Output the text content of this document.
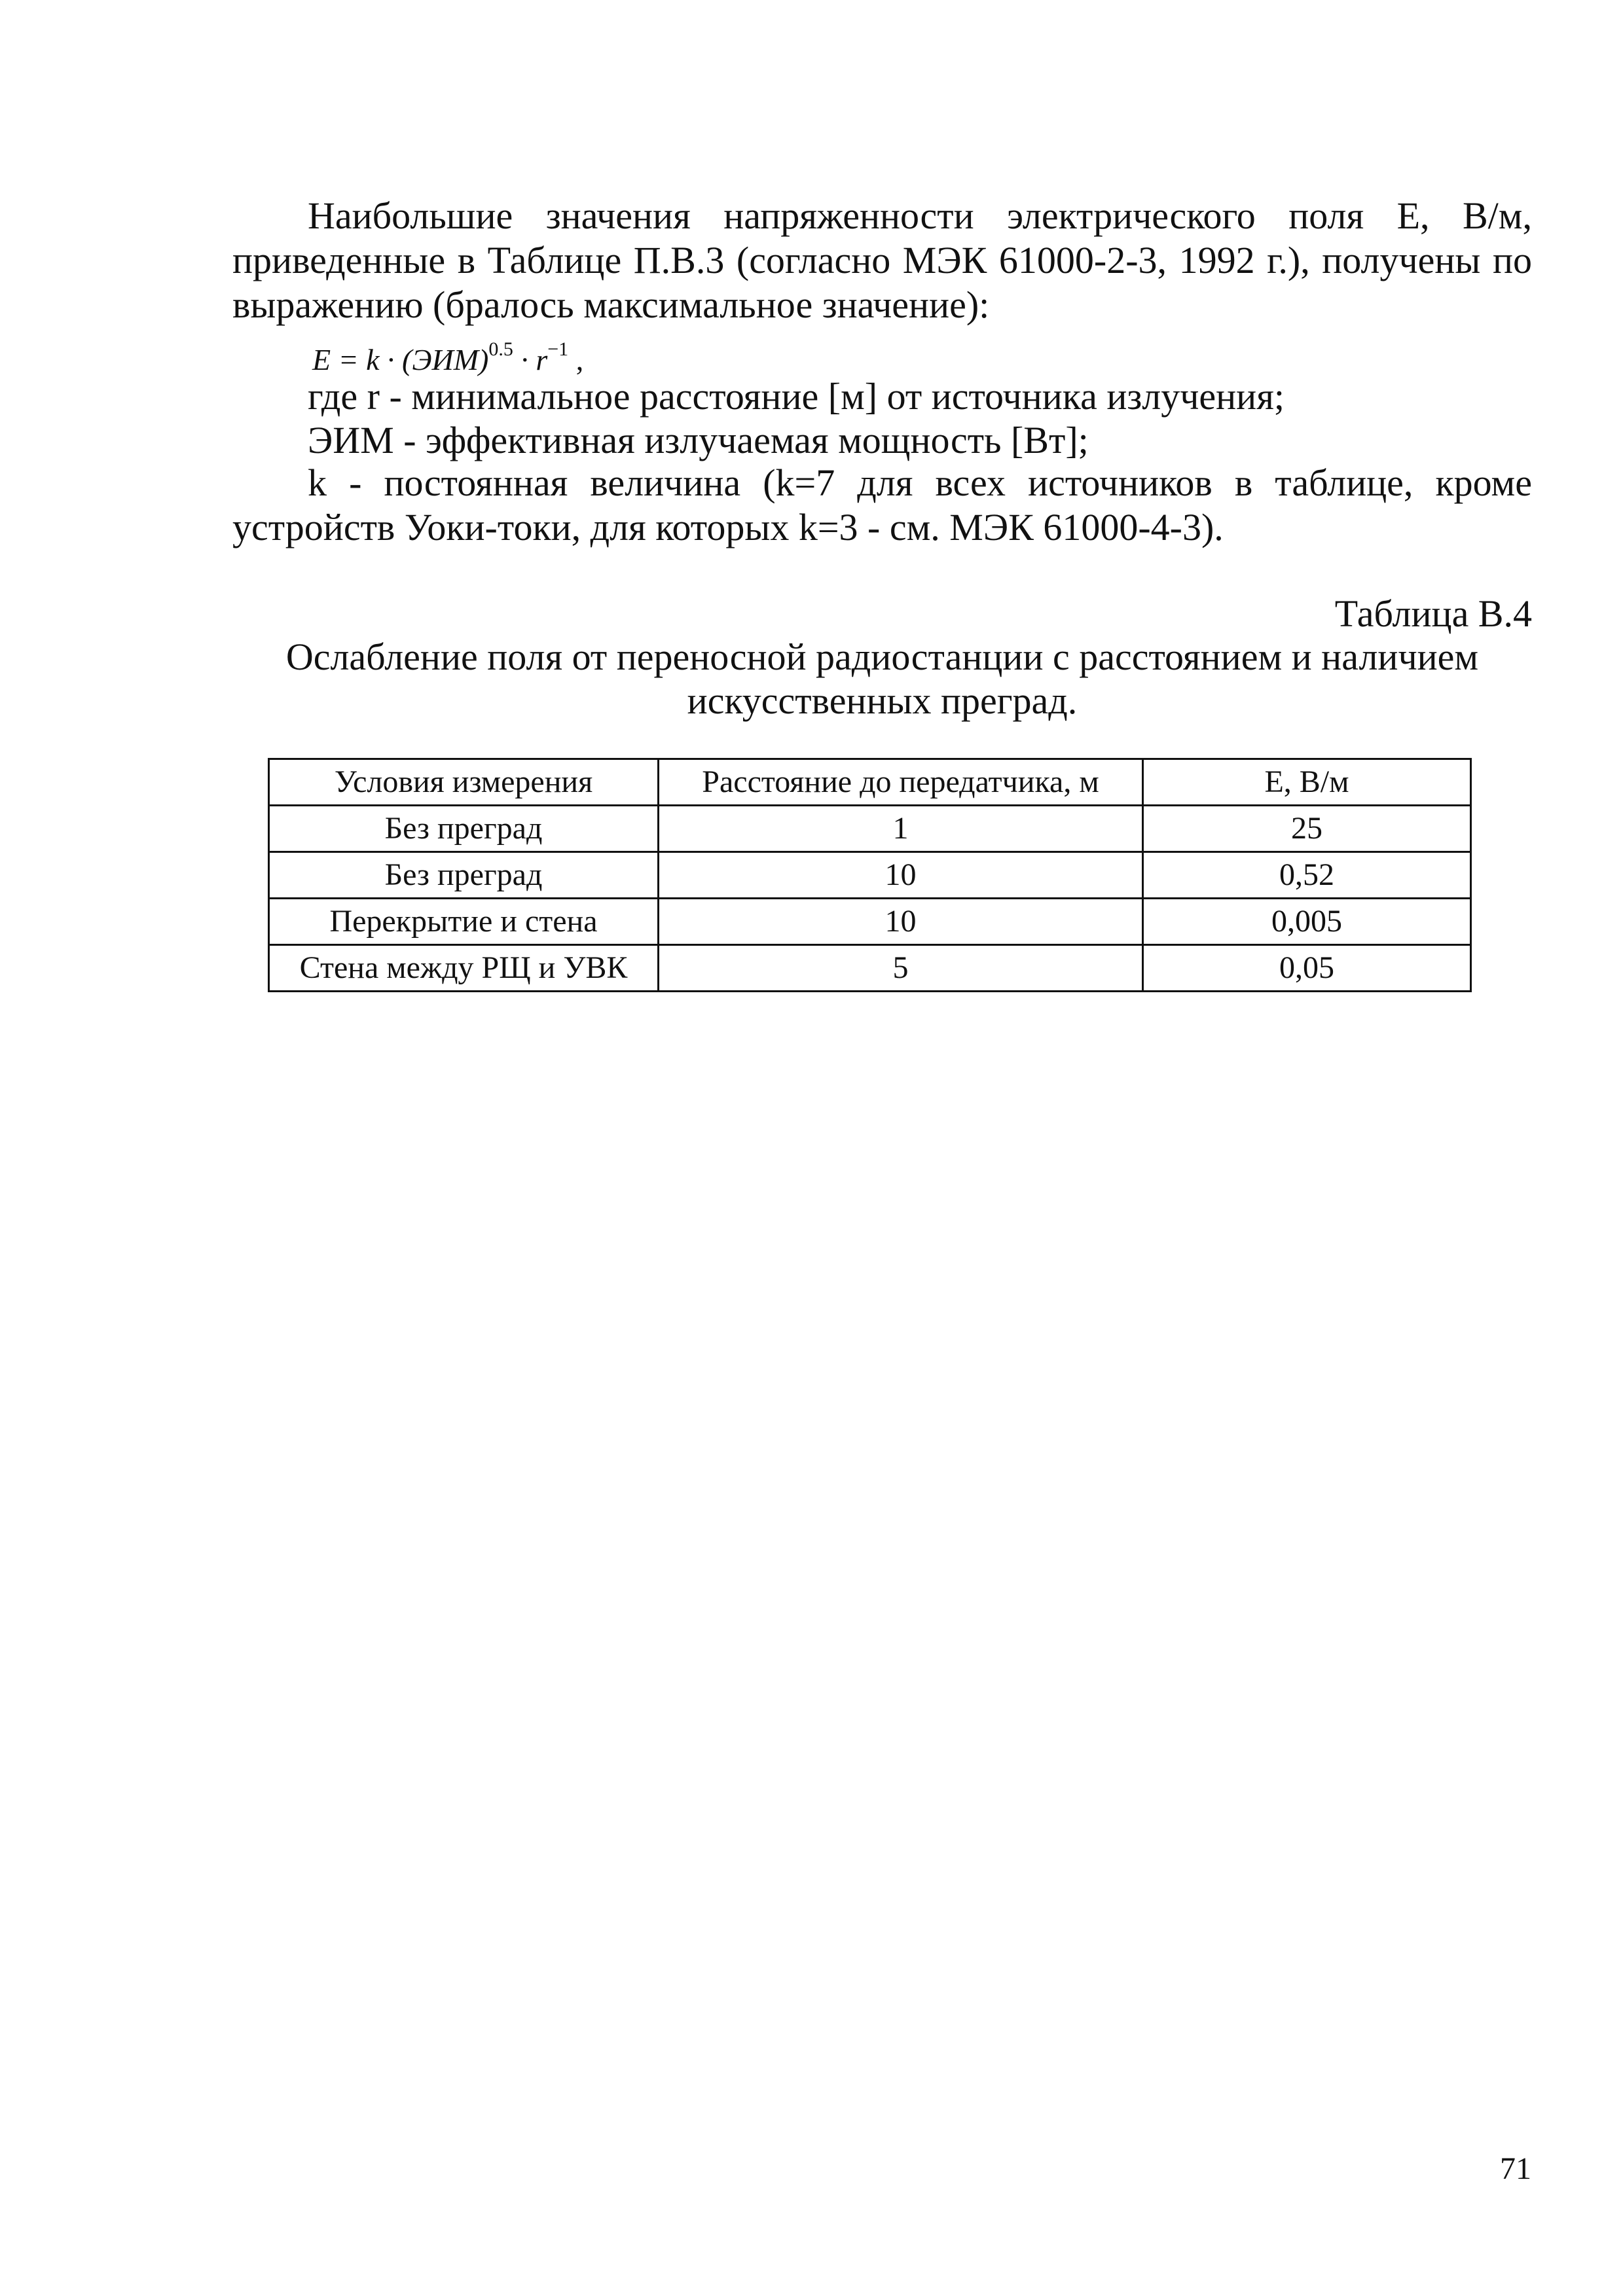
Наибольшие значения напряженности электрического поля Е, В/м,
приведенные в Таблице П.В.3 (согласно МЭК 61000-2-3, 1992 г.), получены по
выражению (бралось максимальное значение):
$E = k \cdot (ЭИМ)^{0.5} \cdot r^{-1}$ ,
где r - минимальное расстояние [м] от источника излучения;
ЭИМ - эффективная излучаемая мощность [Вт];
k - постоянная величина (k=7 для всех источников в таблице, кроме
устройств Уоки-токи, для которых k=3 - см. МЭК 61000-4-3).
Таблица В.4
Ослабление поля от переносной радиостанции с расстоянием и наличием
искусственных преград.
Условия измерения	Расстояние до передатчика, м	E, В/м
Без преград	1	25
Без преград	10	0,52
Перекрытие и стена	10	0,005
Стена между РЩ и УВК	5	0,05
71
